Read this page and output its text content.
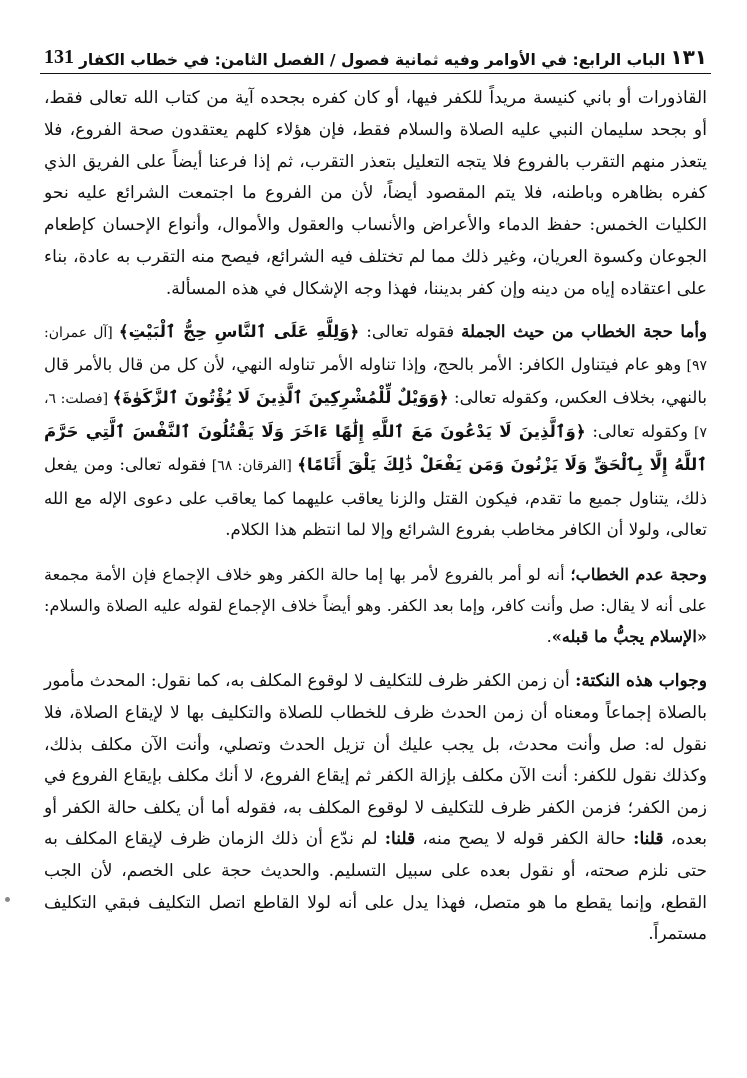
١٣١
الباب الرابع: في الأوامر وفيه ثمانية فصول / الفصل الثامن: في خطاب الكفار
131

القاذورات أو باني كنيسة مريداً للكفر فيها، أو كان كفره بجحده آية من كتاب الله تعالى فقط، أو بجحد سليمان النبي عليه الصلاة والسلام فقط، فإن هؤلاء كلهم يعتقدون صحة الفروع، فلا يتعذر منهم التقرب بالفروع فلا يتجه التعليل بتعذر التقرب، ثم إذا فرعنا أيضاً على الفريق الذي كفره بظاهره وباطنه، فلا يتم المقصود أيضاً، لأن من الفروع ما اجتمعت الشرائع عليه نحو الكليات الخمس: حفظ الدماء والأعراض والأنساب والعقول والأموال، وأنواع الإحسان كإطعام الجوعان وكسوة العريان، وغير ذلك مما لم تختلف فيه الشرائع، فيصح منه التقرب به عادة، بناء على اعتقاده إياه من دينه وإن كفر بديننا، فهذا وجه الإشكال في هذه المسألة.

وأما حجة الخطاب من حيث الجملة فقوله تعالى: ﴿وَلِلَّهِ عَلَى ٱلنَّاسِ حِجُّ ٱلْبَيْتِ﴾ [آل عمران: ٩٧] وهو عام فيتناول الكافر: الأمر بالحج، وإذا تناوله الأمر تناوله النهي، لأن كل من قال بالأمر قال بالنهي، بخلاف العكس، وكقوله تعالى: ﴿وَوَيْلٌ لِّلْمُشْرِكِينَ ٱلَّذِينَ لَا يُؤْتُونَ ٱلزَّكَوٰةَ﴾ [فصلت: ٦، ٧] وكقوله تعالى: ﴿وَٱلَّذِينَ لَا يَدْعُونَ مَعَ ٱللَّهِ إِلَٰهًا ءَاخَرَ وَلَا يَقْتُلُونَ ٱلنَّفْسَ ٱلَّتِي حَرَّمَ ٱللَّهُ إِلَّا بِٱلْحَقِّ وَلَا يَزْنُونَ وَمَن يَفْعَلْ ذَٰلِكَ يَلْقَ أَثَامًا﴾ [الفرقان: ٦٨] فقوله تعالى: ومن يفعل ذلك، يتناول جميع ما تقدم، فيكون القتل والزنا يعاقب عليهما كما يعاقب على دعوى الإله مع الله تعالى، ولولا أن الكافر مخاطب بفروع الشرائع وإلا لما انتظم هذا الكلام.

وحجة عدم الخطاب؛ أنه لو أمر بالفروع لأمر بها إما حالة الكفر وهو خلاف الإجماع فإن الأمة مجمعة على أنه لا يقال: صل وأنت كافر، وإما بعد الكفر. وهو أيضاً خلاف الإجماع لقوله عليه الصلاة والسلام: «الإسلام يجبُّ ما قبله».

وجواب هذه النكتة: أن زمن الكفر ظرف للتكليف لا لوقوع المكلف به، كما نقول: المحدث مأمور بالصلاة إجماعاً ومعناه أن زمن الحدث ظرف للخطاب للصلاة والتكليف بها لا لإيقاع الصلاة، فلا نقول له: صل وأنت محدث، بل يجب عليك أن تزيل الحدث وتصلي، وأنت الآن مكلف بذلك، وكذلك نقول للكفر: أنت الآن مكلف بإزالة الكفر ثم إيقاع الفروع، لا أنك مكلف بإيقاع الفروع في زمن الكفر؛ فزمن الكفر ظرف للتكليف لا لوقوع المكلف به، فقوله أما أن يكلف حالة الكفر أو بعده، قلنا: حالة الكفر قوله لا يصح منه، قلنا: لم ندّع أن ذلك الزمان ظرف لإيقاع المكلف به حتى نلزم صحته، أو نقول بعده على سبيل التسليم. والحديث حجة على الخصم، لأن الجب القطع، وإنما يقطع ما هو متصل، فهذا يدل على أنه لولا القاطع اتصل التكليف فبقي التكليف مستمراً.
